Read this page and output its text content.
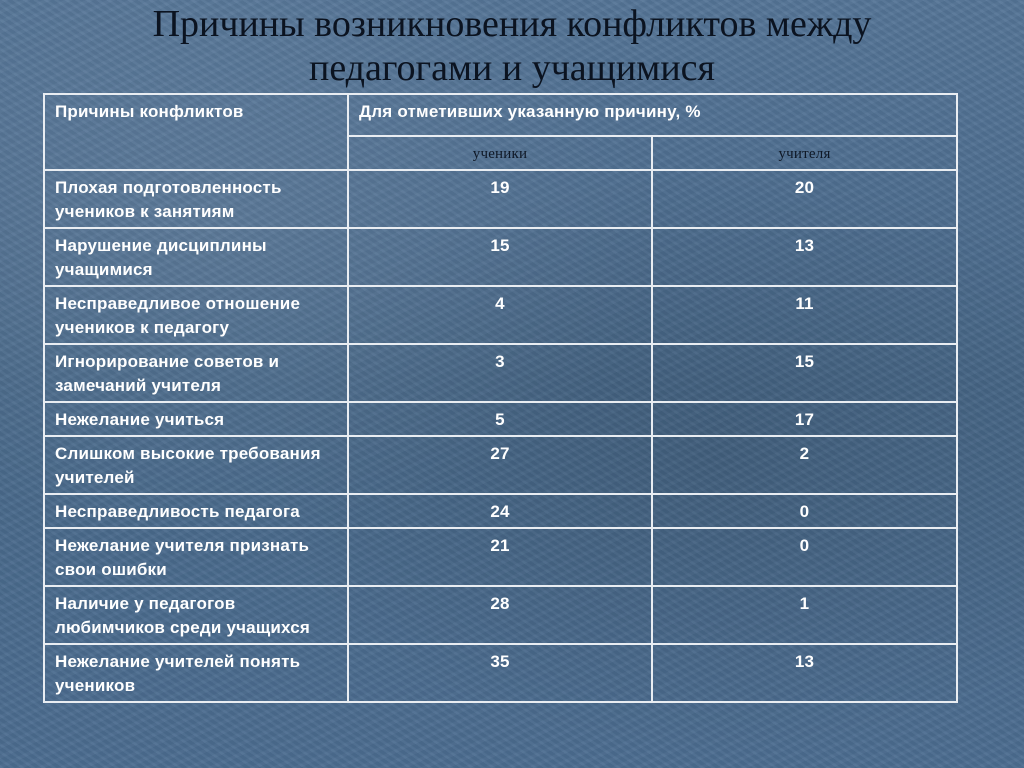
Причины возникновения конфликтов между
педагогами и учащимися
Причины конфликтов	Для отметивших указанную причину, %	
	ученики	учителя
Плохая подготовленность учеников к занятиям	19	20
Нарушение дисциплины учащимися	15	13
Несправедливое отношение учеников к педагогу	4	11
Игнорирование советов и замечаний учителя	3	15
Нежелание учиться	5	17
Слишком высокие требования учителей	27	2
Несправедливость педагога	24	0
Нежелание учителя признать свои ошибки	21	0
Наличие у педагогов любимчиков среди учащихся	28	1
Нежелание учителей понять учеников	35	13
